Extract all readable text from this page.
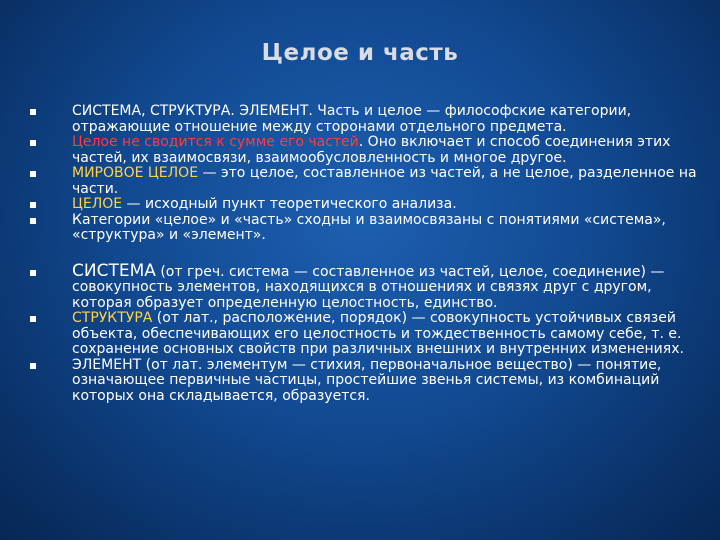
Целое и часть
СИСТЕМА, СТРУКТУРА. ЭЛЕМЕНТ. Часть и целое — философские категории, отражающие отношение между сторонами отдельного предмета.
Целое не сводится к сумме его частей. Оно включает и способ соединения этих частей, их взаимосвязи, взаимообусловленность и многое другое.
МИРОВОЕ ЦЕЛОЕ — это целое, составленное из частей, а не целое, разделенное на части.
ЦЕЛОЕ — исходный пункт теоретического анализа.
Категории «целое» и «часть» сходны и взаимосвязаны с понятиями «система», «структура» и «элемент».
СИСТЕМА (от греч. система — составленное из частей, целое, соединение) — совокупность элементов, находящихся в отношениях и связях друг с другом, которая образует определенную целостность, единство.
СТРУКТУРА (от лат., расположение, порядок) — совокупность устойчивых связей объекта, обеспечивающих его целостность и тождественность самому себе, т. е. сохранение основных свойств при различных внешних и внутренних изменениях.
ЭЛЕМЕНТ (от лат. элементум — стихия, первоначальное вещество) — понятие, означающее первичные частицы, простейшие звенья системы, из комбинаций которых она складывается, образуется.
